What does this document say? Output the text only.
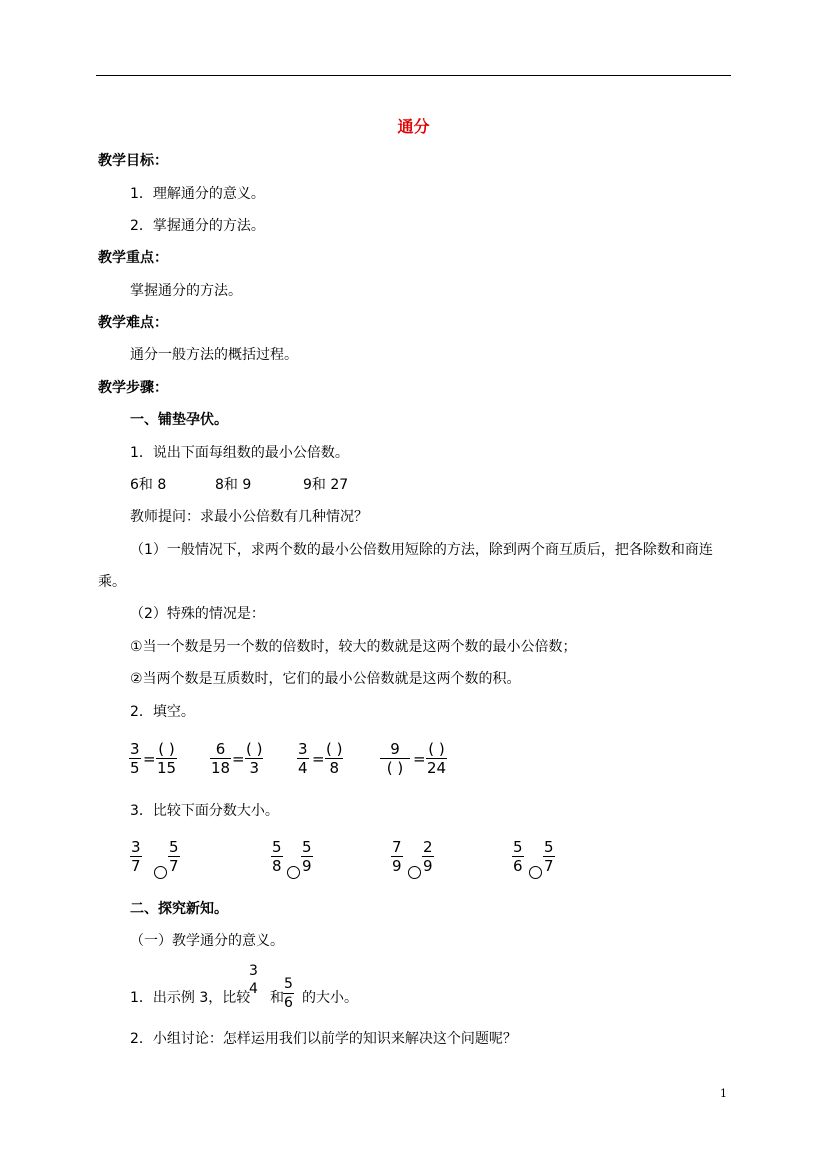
通分
教学目标：
1．理解通分的意义。
2．掌握通分的方法。
教学重点：
掌握通分的方法。
教学难点：
通分一般方法的概括过程。
教学步骤：
一、铺垫孕伏。
1．说出下面每组数的最小公倍数。
6和 8	8和 9	9和 27
教师提问：求最小公倍数有几种情况？
（1）一般情况下，求两个数的最小公倍数用短除的方法，除到两个商互质后，把各除数和商连
乘。
（2）特殊的情况是：
①当一个数是另一个数的倍数时，较大的数就是这两个数的最小公倍数；
②当两个数是互质数时，它们的最小公倍数就是这两个数的积。
2．填空。
$\frac{3}{5}$ =
( )
$15 \frac{6}{18}$ =
( )
3	$\frac{3}{4}$ =
( )
8
9
( ) =
( )
24
3．比较下面分数大小。
$\frac{3}{7} \frac{5}{7}$	$\frac{5}{8} \frac{5}{9}$	$\frac{7}{9} \frac{2}{9}$	$\frac{5}{6} \frac{5}{7}$
二、探究新知。
（一）教学通分的意义。
1．出示例 3，比较
3
4
和 $\frac{5}{6}$ 的大小。
2．小组讨论：怎样运用我们以前学的知识来解决这个问题呢？
1
